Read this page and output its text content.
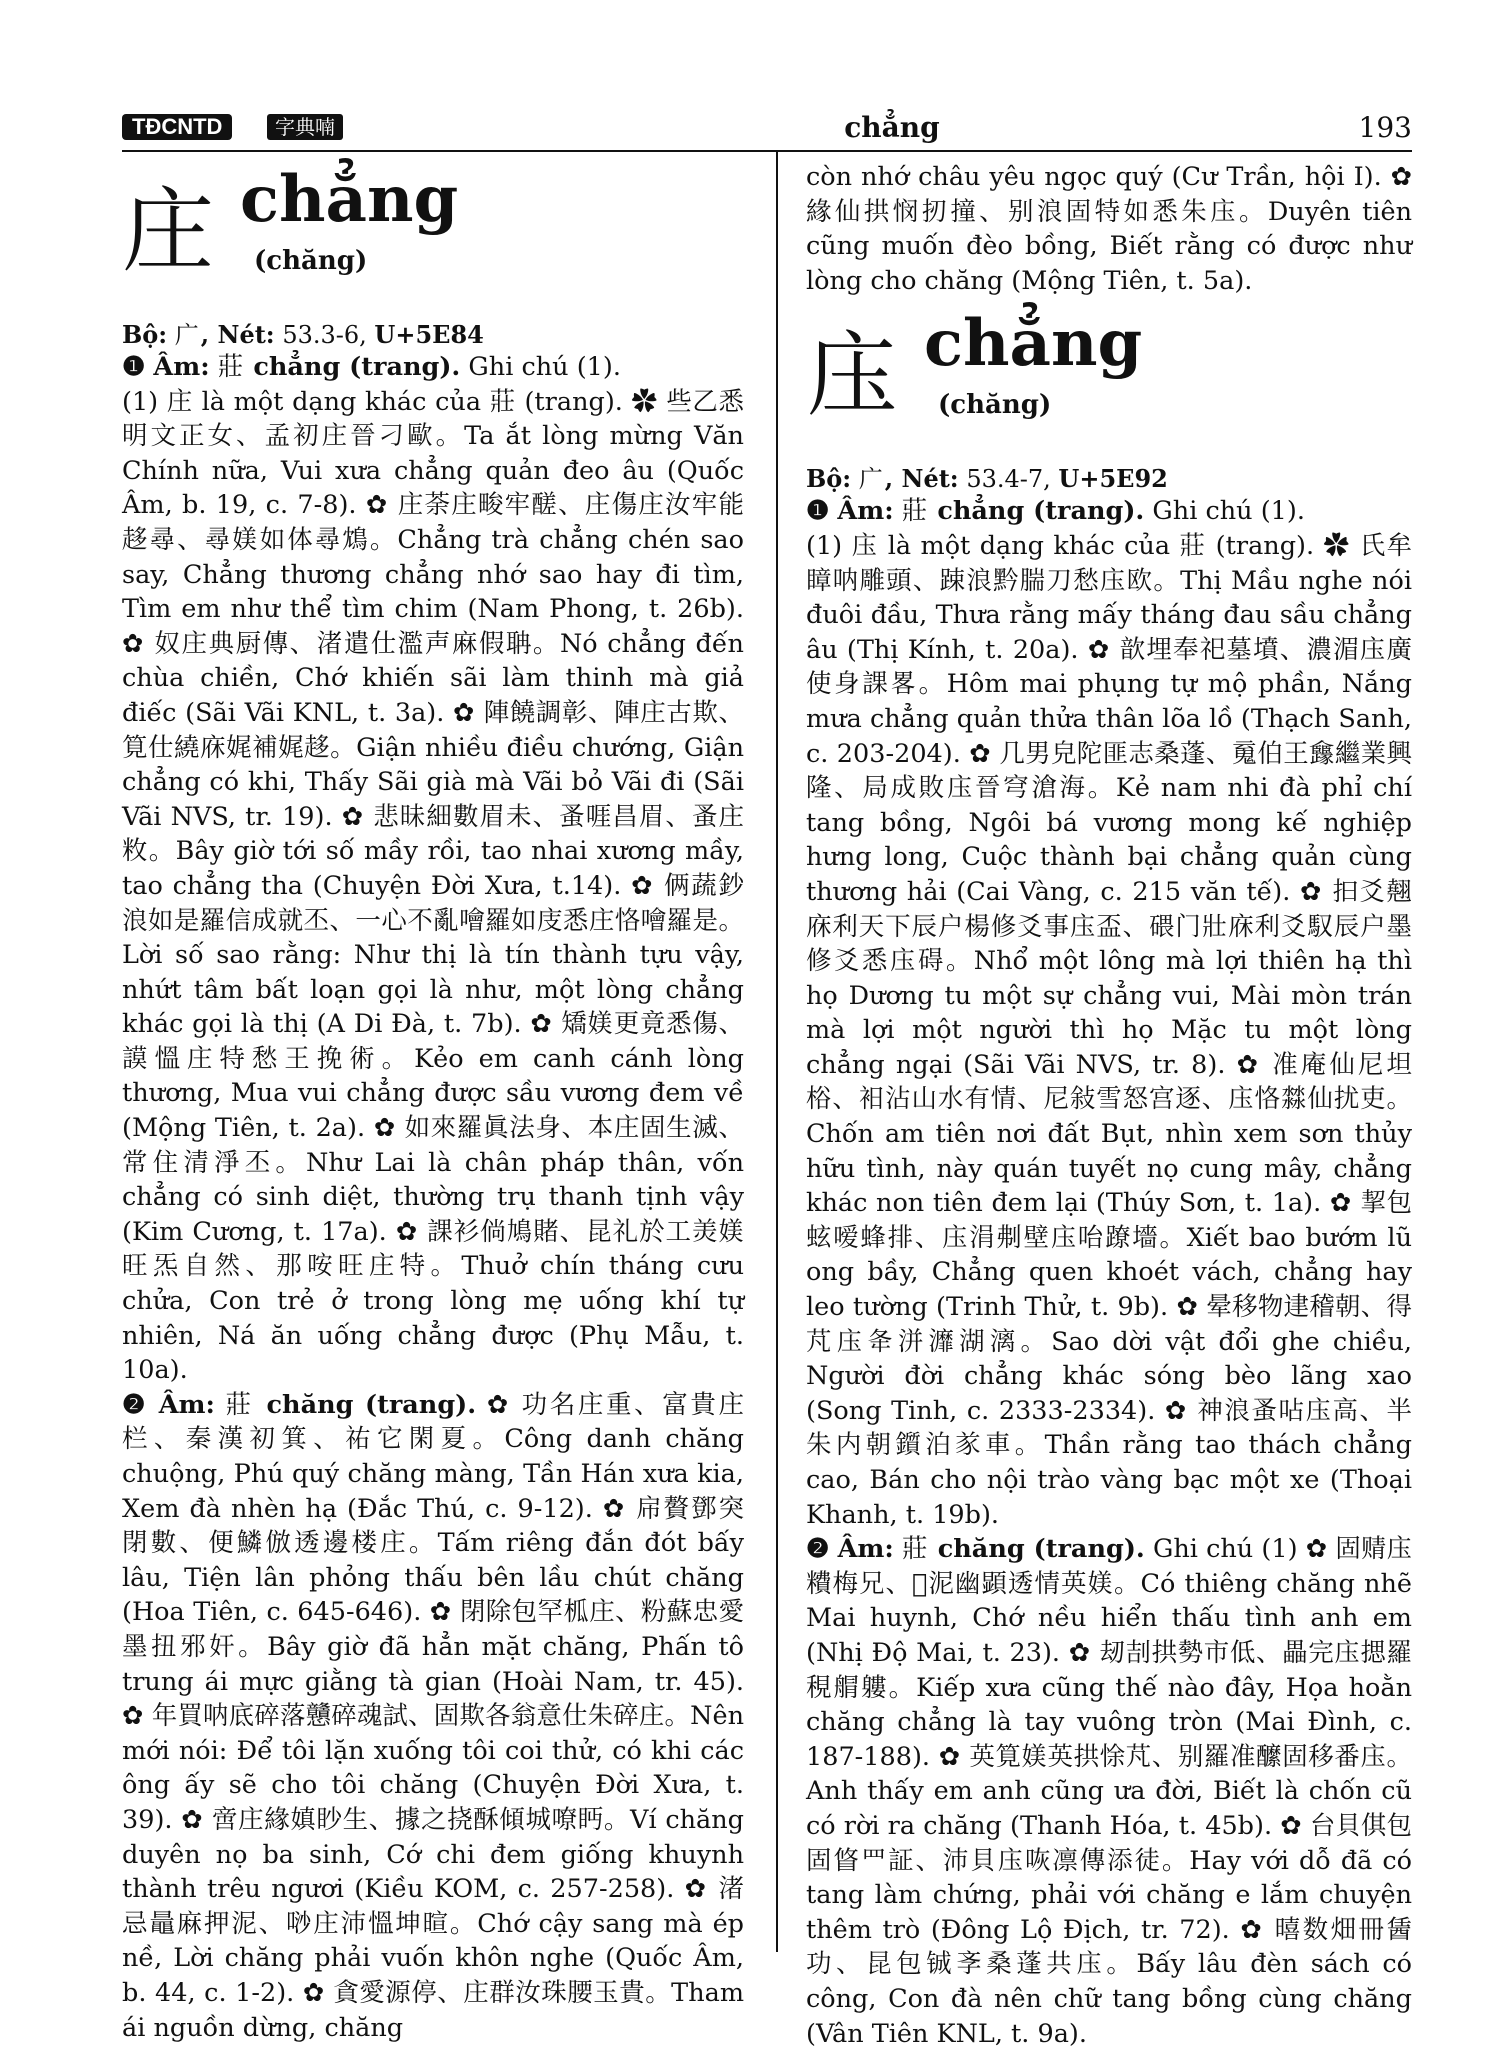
TĐCNTD	字典喃	chẳng	193
庄 chẳng
(chăng)

Bộ: 广, Nét: 53.3-6, U+5E84

❶ Âm: 莊 chẳng (trang). Ghi chú (1).

(1) 庄 là một dạng khác của 莊 (trang). ✿ 些乙悉明文正女、孟初庄晉刁歐。Ta ắt lòng mừng Văn Chính nữa, Vui xưa chẳng quản đeo âu (Quốc Âm, b. 19, c. 7-8). ✿ 庄荼庄畯牢醝、庄傷庄汝牢能趍尋、尋媄如体尋鴆。Chẳng trà chẳng chén sao say, Chẳng thương chẳng nhớ sao hay đi tìm, Tìm em như thể tìm chim (Nam Phong, t. 26b). ✿ 奴庄典厨傳、渚遣仕濫声麻假聃。Nó chẳng đến chùa chiền, Chớ khiến sãi làm thinh mà giả điếc (Sãi Vãi KNL, t. 3a). ✿ 陣饒調彰、陣庄古欺、筧仕繞庥娓補娓趍。Giận nhiều điều chướng, Giận chẳng có khi, Thấy Sãi già mà Vãi bỏ Vãi đi (Sãi Vãi NVS, tr. 19). ✿ 悲昧細數眉未、蚤啀昌眉、蚤庄敉。Bây giờ tới số mầy rồi, tao nhai xương mầy, tao chẳng tha (Chuyện Đời Xưa, t.14). ✿ 俩蔬鈔浪如是羅信成就丕、一心不亂噲羅如庋悉庄恪噲羅是。Lời số sao rằng: Như thị là tín thành tựu vậy, nhứt tâm bất loạn gọi là như, một lòng chẳng khác gọi là thị (A Di Đà, t. 7b). ✿ 矯媄更竟悉傷、謨慍庄特愁王挽術。Kẻo em canh cánh lòng thương, Mua vui chẳng được sầu vương đem về (Mộng Tiên, t. 2a). ✿ 如來羅眞法身、本庄固生滅、常住清淨丕。Như Lai là chân pháp thân, vốn chẳng có sinh diệt, thường trụ thanh tịnh vậy (Kim Cương, t. 17a). ✿ 課衫倘鳩賭、昆礼於工羙媄旺炁自然、那咹旺庄特。Thuở chín tháng cưu chửa, Con trẻ ở trong lòng mẹ uống khí tự nhiên, Ná ăn uống chẳng được (Phụ Mẫu, t. 10a).

❷ Âm: 莊 chăng (trang). ✿ 功名庄重、富貴庄栏、秦漢初箕、祐它閑夏。Công danh chăng chuộng, Phú quý chăng màng, Tần Hán xưa kia, Xem đà nhèn hạ (Đắc Thú, c. 9-12). ✿ 帍贅鄧突閉數、便鱗倣透邊楼庄。Tấm riêng đắn đót bấy lâu, Tiện lân phỏng thấu bên lầu chút chăng (Hoa Tiên, c. 645-646). ✿ 閉除包罕柧庄、粉蘇忠愛墨扭邪奸。Bây giờ đã hẳn mặt chăng, Phấn tô trung ái mực giằng tà gian (Hoài Nam, tr. 45). ✿ 年買呐底碎落戇碎魂試、固欺各翁意仕朱碎庄。Nên mới nói: Để tôi lặn xuống tôi coi thử, có khi các ông ấy sẽ cho tôi chăng (Chuyện Đời Xưa, t. 39). ✿ 啻庄緣嫃眇生、據之挠酥傾城嘹眄。Ví chăng duyên nọ ba sinh, Cớ chi đem giống khuynh thành trêu ngươi (Kiều KOM, c. 257-258). ✿ 渚忌鼂麻押泥、唦庄沛慍坤暄。Chớ cậy sang mà ép nề, Lời chăng phải vuốn khôn nghe (Quốc Âm, b. 44, c. 1-2). ✿ 貪愛源停、庄群汝珠腰玉貴。Tham ái nguồn dừng, chăng

còn nhớ châu yêu ngọc quý (Cư Trần, hội I). ✿ 緣仙拱悯扨撞、别浪固特如悉朱庒。Duyên tiên cũng muốn đèo bồng, Biết rằng có được như lòng cho chăng (Mộng Tiên, t. 5a).

庒 chẳng
(chăng)

Bộ: 广, Nét: 53.4-7, U+5E92

❶ Âm: 莊 chẳng (trang). Ghi chú (1).

(1) 庒 là một dạng khác của 莊 (trang). ✿ 氏牟瞕呐雕頭、踈浪黔腨刀愁庒欧。Thị Mầu nghe nói đuôi đầu, Thưa rằng mấy tháng đau sầu chẳng âu (Thị Kính, t. 20a). ✿ 歆埋奉祀墓墳、濃湄庒廣使身課畧。Hôm mai phụng tự mộ phần, Nắng mưa chẳng quản thửa thân lõa lồ (Thạch Sanh, c. 203-204). ✿ 几男皃陀匪志桑蓬、䰟伯王㒪繼業興隆、局成敗庒晉穹滄海。Kẻ nam nhi đà phỉ chí tang bồng, Ngôi bá vương mong kế nghiệp hưng long, Cuộc thành bại chẳng quản cùng thương hải (Cai Vàng, c. 215 văn tế). ✿ 抇爻翹庥利天下辰户楊修爻事庒盃、碨门壯庥利爻馭辰户墨修爻悉庒碍。Nhổ một lông mà lợi thiên hạ thì họ Dương tu một sự chẳng vui, Mài mòn trán mà lợi một người thì họ Mặc tu một lòng chẳng ngại (Sãi Vãi NVS, tr. 8). ✿ 准庵仙尼坦㭲、衵沾山水有情、尼敍雪怒宫逐、庒恪㵘仙扰吏。Chốn am tiên nơi đất Bụt, nhìn xem sơn thủy hữu tình, này quán tuyết nọ cung mây, chẳng khác non tiên đem lại (Thúy Sơn, t. 1a). ✿ 挈包蚿嗳蜂排、庒涓刜壁庒咍蹽墻。Xiết bao bướm lũ ong bầy, Chẳng quen khoét vách, chẳng hay leo tường (Trinh Thử, t. 9b). ✿ 晕移物䢖稽朝、得芃庒夅洴灖湖漓。Sao dời vật đổi ghe chiều, Người đời chẳng khác sóng bèo lãng xao (Song Tinh, c. 2333-2334). ✿ 神浪蚤呫庒高、半朱内朝鑕泊㒸車。Thần rằng tao thách chẳng cao, Bán cho nội trào vàng bạc một xe (Thoại Khanh, t. 19b).

❷ Âm: 莊 chăng (trang). Ghi chú (1) ✿ 固䞍庒䊧梅兄、𦈂泥幽顕透情英媄。Có thiêng chăng nhẽ Mai huynh, Chớ nều hiển thấu tình anh em (Nhị Độ Mai, t. 23). ✿ 刼㓤拱勢市低、畾完庒揌羅䅐䑵軁。Kiếp xưa cũng thế nào đây, Họa hoằn chăng chẳng là tay vuông tròn (Mai Đình, c. 187-188). ✿ 英筧媄英拱悇芃、别羅准醿固移番庒。Anh thấy em anh cũng ưa đời, Biết là chốn cũ có rời ra chăng (Thanh Hóa, t. 45b). ✿ 台貝倛包固䀺罒証、沛貝庒咴凛傳添徒。Hay với dỗ đã có tang làm chứng, phải với chăng e lắm chuyện thêm trò (Đông Lộ Địch, tr. 72). ✿ 暿数畑冊䣸功、昆包铖斈桑蓬共庒。Bấy lâu đèn sách có công, Con đà nên chữ tang bồng cùng chăng (Vân Tiên KNL, t. 9a).
